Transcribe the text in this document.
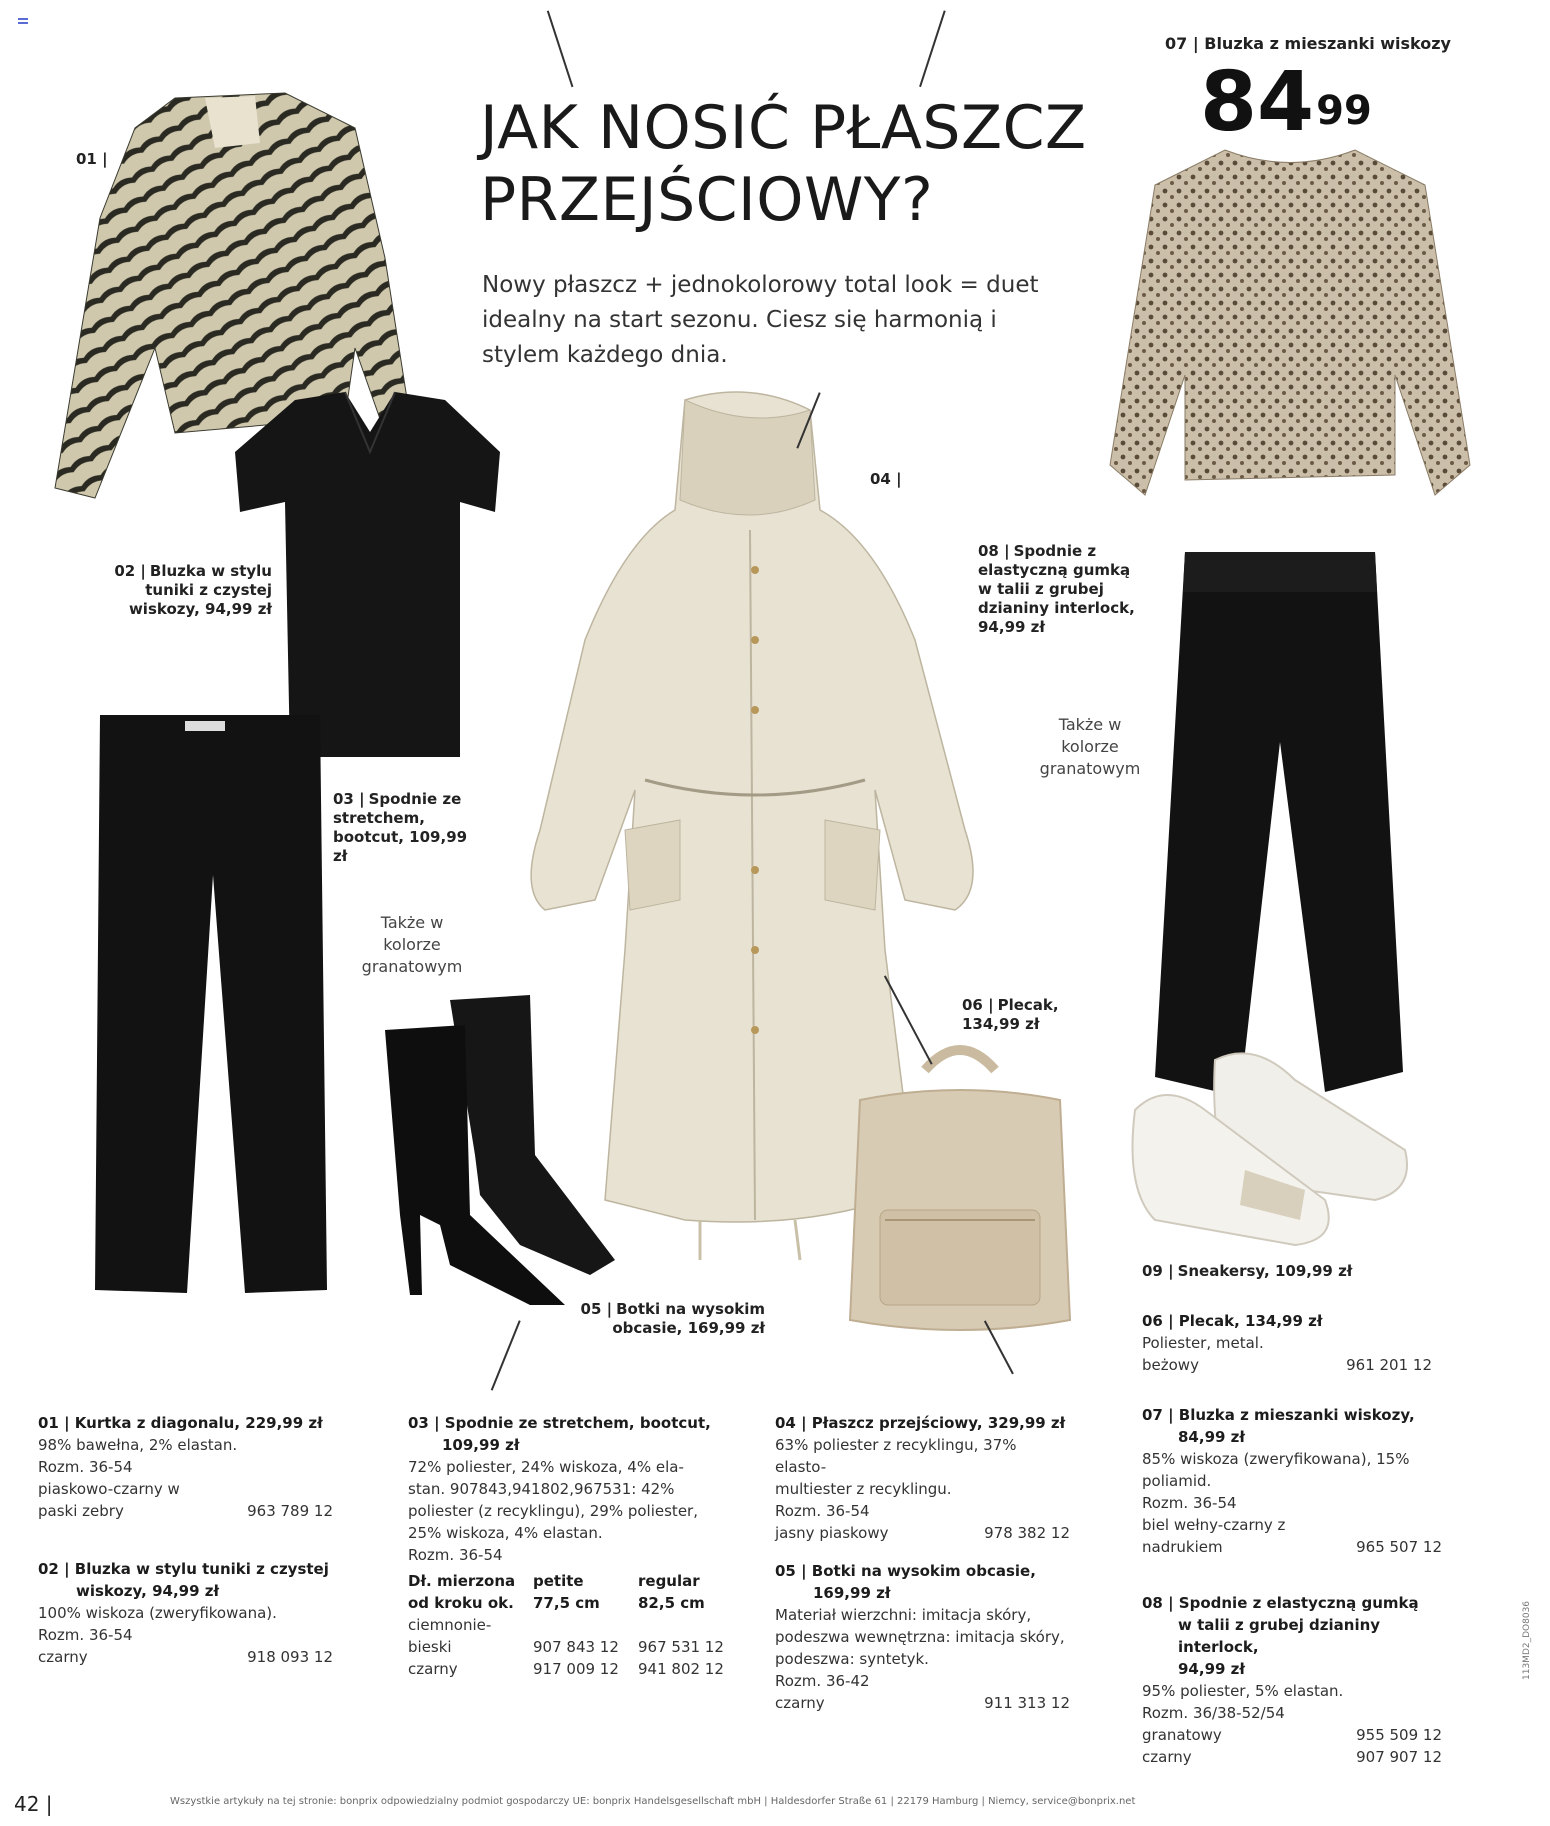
JAK NOSIĆ PŁASZCZ
PRZEJŚCIOWY?
Nowy płaszcz + jednokolorowy total look = duet idealny na start sezonu. Ciesz się harmonią i stylem każdego dnia.
07 | Bluzka z mieszanki wiskozy
$84^{99}$
01 |
02 | Bluzka w stylu tuniki z czystej wiskozy, 94,99 zł
03 | Spodnie ze stretchem, bootcut, 109,99 zł
Także w kolorze granatowym
04 |
05 | Botki na wysokim obcasie, 169,99 zł
06 | Plecak, 134,99 zł
08 | Spodnie z elastyczną gumką w talii z grubej dzianiny interlock, 94,99 zł
Także w kolorze granatowym
09 | Sneakersy, 109,99 zł
01 | Kurtka z diagonalu, 229,99 zł
98% bawełna, 2% elastan.
Rozm. 36-54
piaskowo-czarny w
paski zebry	963 789 12
02 | Bluzka w stylu tuniki z czystej
wiskozy, 94,99 zł
100% wiskoza (zweryfikowana).
Rozm. 36-54
czarny	918 093 12
03 | Spodnie ze stretchem, bootcut,
109,99 zł
72% poliester, 24% wiskoza, 4% ela-
stan. 907843,941802,967531: 42%
poliester (z recyklingu), 29% poliester,
25% wiskoza, 4% elastan.
Rozm. 36-54
Dł. mierzona	petite	regular
od kroku ok.	77,5 cm	82,5 cm
ciemnonie-
bieski	907 843 12	967 531 12
czarny	917 009 12	941 802 12
04 | Płaszcz przejściowy, 329,99 zł
63% poliester z recyklingu, 37% elasto-
multiester z recyklingu.
Rozm. 36-54
jasny piaskowy	978 382 12
05 | Botki na wysokim obcasie,
169,99 zł
Materiał wierzchni: imitacja skóry,
podeszwa wewnętrzna: imitacja skóry,
podeszwa: syntetyk.
Rozm. 36-42
czarny	911 313 12
06 | Plecak, 134,99 zł
Poliester, metal.
beżowy	961 201 12
07 | Bluzka z mieszanki wiskozy,
84,99 zł
85% wiskoza (zweryfikowana), 15%
poliamid.
Rozm. 36-54
biel wełny-czarny z
nadrukiem	965 507 12
08 | Spodnie z elastyczną gumką
w talii z grubej dzianiny interlock,
94,99 zł
95% poliester, 5% elastan.
Rozm. 36/38-52/54
granatowy	955 509 12
czarny	907 907 12
42 |	Wszystkie artykuły na tej stronie: bonprix odpowiedzialny podmiot gospodarczy UE: bonprix Handelsgesellschaft mbH | Haldesdorfer Straße 61 | 22179 Hamburg | Niemcy, service@bonprix.net
113MD2_DO8036
